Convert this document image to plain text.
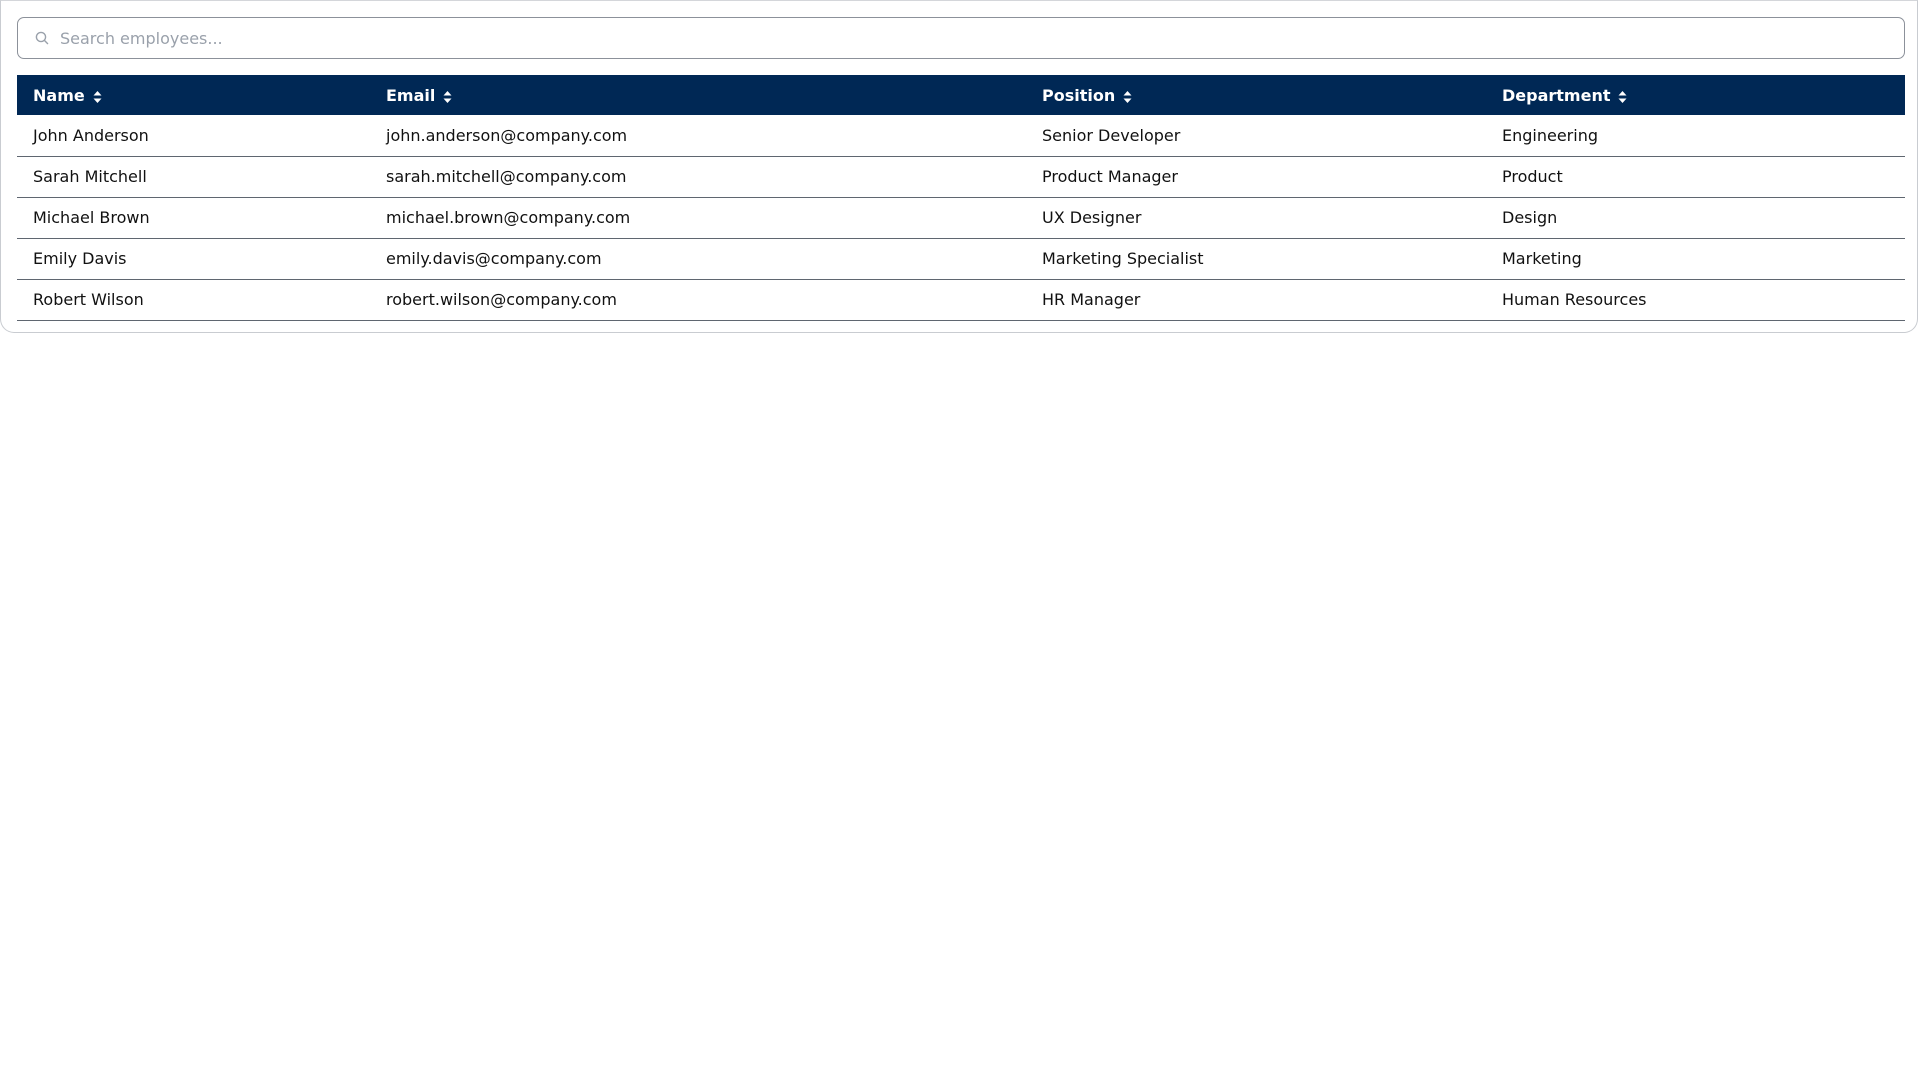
Search employees...
Name	Email	Position	Department
John Anderson	john.anderson@company.com	Senior Developer	Engineering
Sarah Mitchell	sarah.mitchell@company.com	Product Manager	Product
Michael Brown	michael.brown@company.com	UX Designer	Design
Emily Davis	emily.davis@company.com	Marketing Specialist	Marketing
Robert Wilson	robert.wilson@company.com	HR Manager	Human Resources
